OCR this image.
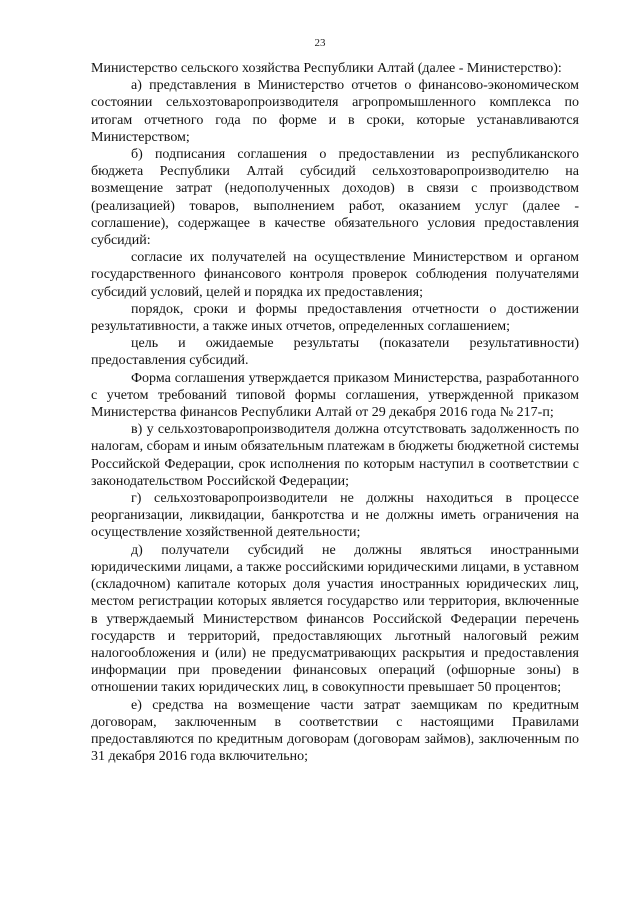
23

Министерство сельского хозяйства Республики Алтай (далее - Министерство):

а) представления в Министерство отчетов о финансово-экономическом состоянии сельхозтоваропроизводителя агропромышленного комплекса по итогам отчетного года по форме и в сроки, которые устанавливаются Министерством;

б) подписания соглашения о предоставлении из республиканского бюджета Республики Алтай субсидий сельхозтоваропроизводителю на возмещение затрат (недополученных доходов) в связи с производством (реализацией) товаров, выполнением работ, оказанием услуг (далее - соглашение), содержащее в качестве обязательного условия предоставления субсидий:

согласие их получателей на осуществление Министерством и органом государственного финансового контроля проверок соблюдения получателями субсидий условий, целей и порядка их предоставления;

порядок, сроки и формы предоставления отчетности о достижении результативности, а также иных отчетов, определенных соглашением;

цель и ожидаемые результаты (показатели результативности) предоставления субсидий.

Форма соглашения утверждается приказом Министерства, разработанного с учетом требований типовой формы соглашения, утвержденной приказом Министерства финансов Республики Алтай от 29 декабря 2016 года № 217-п;

в) у сельхозтоваропроизводителя должна отсутствовать задолженность по налогам, сборам и иным обязательным платежам в бюджеты бюджетной системы Российской Федерации, срок исполнения по которым наступил в соответствии с законодательством Российской Федерации;

г) сельхозтоваропроизводители не должны находиться в процессе реорганизации, ликвидации, банкротства и не должны иметь ограничения на осуществление хозяйственной деятельности;

д) получатели субсидий не должны являться иностранными юридическими лицами, а также российскими юридическими лицами, в уставном (складочном) капитале которых доля участия иностранных юридических лиц, местом регистрации которых является государство или территория, включенные в утверждаемый Министерством финансов Российской Федерации перечень государств и территорий, предоставляющих льготный налоговый режим налогообложения и (или) не предусматривающих раскрытия и предоставления информации при проведении финансовых операций (офшорные зоны) в отношении таких юридических лиц, в совокупности превышает 50 процентов;

е) средства на возмещение части затрат заемщикам по кредитным договорам, заключенным в соответствии с настоящими Правилами предоставляются по кредитным договорам (договорам займов), заключенным по 31 декабря 2016 года включительно;
